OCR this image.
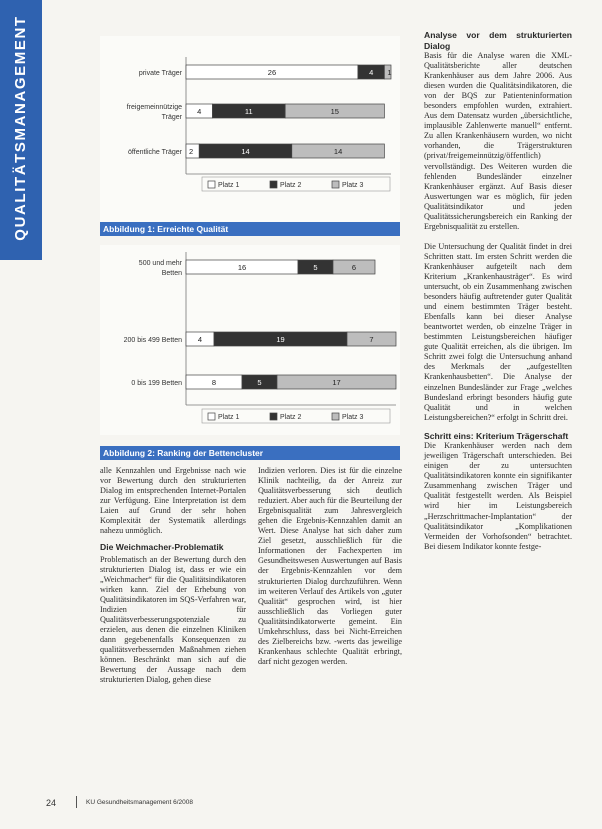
QUALITÄTSMANAGEMENT	private Träger	26	4 1
freigemeinnützige
Träger
4	11	15
öffentliche Träger 2	14	14
Platz 1	Platz 2	Platz 3
Abbildung 1: Erreichte Qualität
500 und mehr
Betten
16	5	6
200 bis 499 Betten 4	19	7
0 bis 199 Betten	8	5	17
Platz 1	Platz 2	Platz 3
Abbildung 2: Ranking der Bettencluster

alle Kennzahlen und Ergebnisse nach wie vor Bewertung durch den strukturierten Dialog im entsprechenden Internet-Portalen zur Verfügung. Eine Interpretation ist dem Laien auf Grund der sehr hohen Komplexität der Systematik allerdings nahezu unmöglich.

Die Weichmacher-Problematik

Problematisch an der Bewertung durch den strukturierten Dialog ist, dass er wie ein „Weichmacher“ für die Qualitätsindikatoren wirken kann. Ziel der Erhebung von Qualitätsindikatoren im SQS-Verfahren war, Indizien für Qualitätsverbesserungspotenziale zu erzielen, aus denen die einzelnen Kliniken dann gegebenenfalls Konsequenzen zu qualitätsverbessernden Maßnahmen ziehen können. Beschränkt man sich auf die Bewertung der Aussage nach dem strukturierten Dialog, gehen diese

Indizien verloren. Dies ist für die einzelne Klinik nachteilig, da der Anreiz zur Qualitätsverbesserung sich deutlich reduziert. Aber auch für die Beurteilung der Ergebnisqualität zum Jahresvergleich gehen die Ergebnis-Kennzahlen damit an Wert. Diese Analyse hat sich daher zum Ziel gesetzt, ausschließlich für die Informationen der Fachexperten im Gesundheitswesen Auswertungen auf Basis der Ergebnis-Kennzahlen vor dem strukturierten Dialog durchzuführen. Wenn im weiteren Verlauf des Artikels von „guter Qualität“ gesprochen wird, ist hier ausschließlich das Vorliegen guter Qualitätsindikatorwerte gemeint. Ein Umkehrschluss, dass bei Nicht-Erreichen des Zielbereichs bzw. -werts das jeweilige Krankenhaus schlechte Qualität erbringt, darf nicht gezogen werden.

Analyse vor dem strukturierten Dialog

Basis für die Analyse waren die XML-Qualitätsberichte aller deutschen Krankenhäuser aus dem Jahre 2006. Aus diesen wurden die Qualitätsindikatoren, die von der BQS zur Patienteninformation besonders empfohlen wurden, extrahiert. Aus dem Datensatz wurden „übersichtliche, implausible Zahlenwerte manuell“ entfernt. Zu allen Krankenhäusern wurden, wo nicht vorhanden, die Trägerstrukturen (privat/freigemeinnützig/öffentlich) vervollständigt. Des Weiteren wurden die fehlenden Bundesländer einzelner Krankenhäuser ergänzt. Auf Basis dieser Auswertungen war es möglich, für jeden Qualitätsindikator und jeden Qualitätssicherungsbereich ein Ranking der Ergebnisqualität zu erstellen.

Die Untersuchung der Qualität findet in drei Schritten statt. Im ersten Schritt werden die Krankenhäuser aufgeteilt nach dem Kriterium „Krankenhausträger“. Es wird untersucht, ob ein Zusammenhang zwischen besonders häufig auftretender guter Qualität und einem bestimmten Träger besteht. Ebenfalls kann bei dieser Analyse beantwortet werden, ob einzelne Träger in bestimmten Leistungsbereichen häufiger gute Qualität erreichen, als die übrigen. Im Schritt zwei folgt die Untersuchung anhand des Merkmals der „aufgestellten Krankenhausbetten“. Die Analyse der einzelnen Bundesländer zur Frage „welches Bundesland erbringt besonders häufig gute Qualität und in welchen Leistungsbereichen?“ erfolgt in Schritt drei.

Schritt eins: Kriterium Trägerschaft

Die Krankenhäuser werden nach dem jeweiligen Trägerschaft unterschieden. Bei einigen der zu untersuchten Qualitätsindikatoren konnte ein signifikanter Zusammenhang zwischen Träger und Qualität festgestellt werden. Als Beispiel wird hier im Leistungsbereich „Herzschrittmacher-Implantation“ der Qualitätsindikator „Komplikationen Vermeiden der Vorhofsonden“ betrachtet. Bei diesem Indikator konnte festge-

24	KU Gesundheitsmanagement 6/2008
